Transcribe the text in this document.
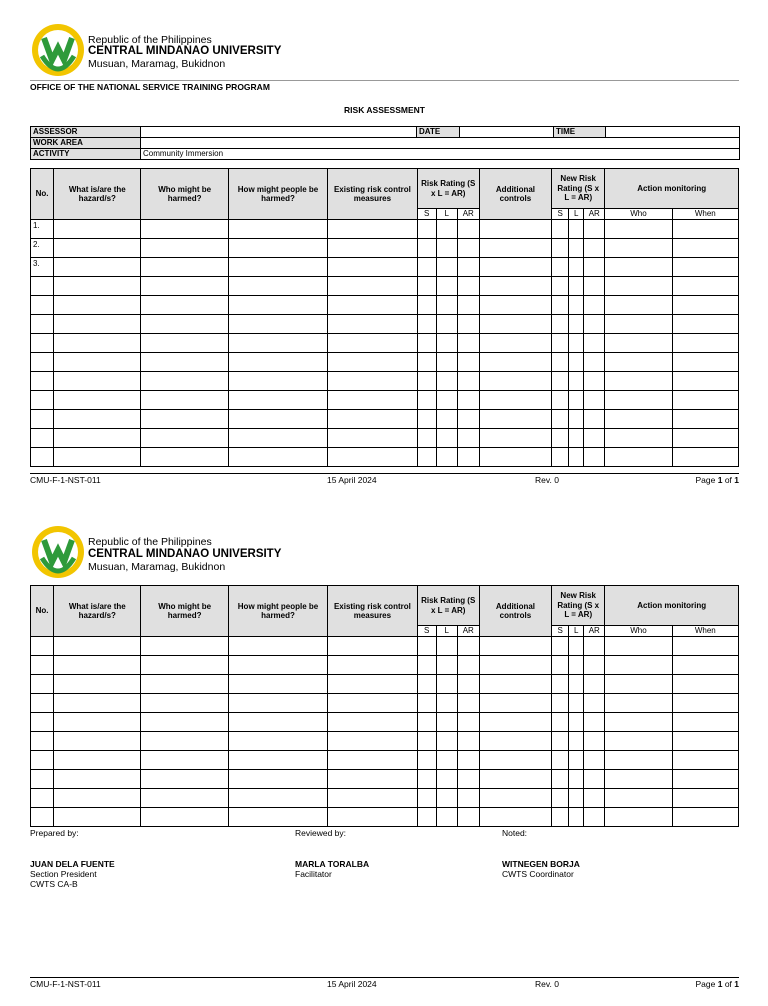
Republic of the Philippines
CENTRAL MINDANAO UNIVERSITY
Musuan, Maramag, Bukidnon
OFFICE OF THE NATIONAL SERVICE TRAINING PROGRAM
RISK ASSESSMENT
ASSESSOR		DATE		TIME	
WORK AREA					
ACTIVITY	Community Immersion				
No.	What is/are the hazard/s?	Who might be harmed?	How might people be harmed?	Existing risk control measures	Risk Rating (S x L = AR)			Additional controls	New Risk Rating (S x L = AR)			Action monitoring	
					S	L	AR		S	L	AR	Who	When
1.													
2.													
3.													

CMU-F-1-NST-011	15 April 2024	Rev. 0	Page 1 of 1
Republic of the Philippines
CENTRAL MINDANAO UNIVERSITY
Musuan, Maramag, Bukidnon
No.	What is/are the hazard/s?	Who might be harmed?	How might people be harmed?	Existing risk control measures	Risk Rating (S x L = AR)			Additional controls	New Risk Rating (S x L = AR)			Action monitoring	
					S	L	AR		S	L	AR	Who	When

Prepared by:	Reviewed by:	Noted:
JUAN DELA FUENTE
Section President
CWTS CA-B
MARLA TORALBA
Facilitator
WITNEGEN BORJA
CWTS Coordinator
CMU-F-1-NST-011	15 April 2024	Rev. 0	Page 1 of 1
